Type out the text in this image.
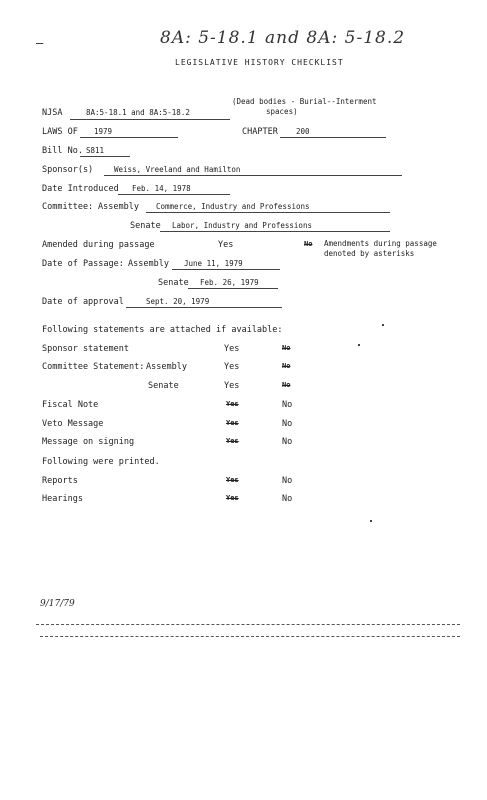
8A: 5-18.1 and 8A: 5-18.2
–
LEGISLATIVE HISTORY CHECKLIST
NJSA	8A:5-18.1 and 8A:5-18.2
(Dead bodies - Burial--Interment
spaces)
LAWS OF 1979	CHAPTER 200
Bill No. S811
Sponsor(s)	Weiss, Vreeland and Hamilton
Date Introduced Feb. 14, 1978
Committee: Assembly Commerce, Industry and Professions
Senate Labor, Industry and Professions
Amended during passage	Yes	No Amendments during passage
denoted by asterisks
Date of Passage: Assembly June 11, 1979
Senate Feb. 26, 1979
Date of approval	Sept. 20, 1979
Following statements are attached if available:
Sponsor statement	Yes	No
Committee Statement: Assembly	Yes	No
Senate	Yes	No
Fiscal Note	Yes	No
Veto Message	Yes	No
Message on signing	Yes	No
Following were printed.
Reports	Yes	No
Hearings	Yes	No
9/17/79
